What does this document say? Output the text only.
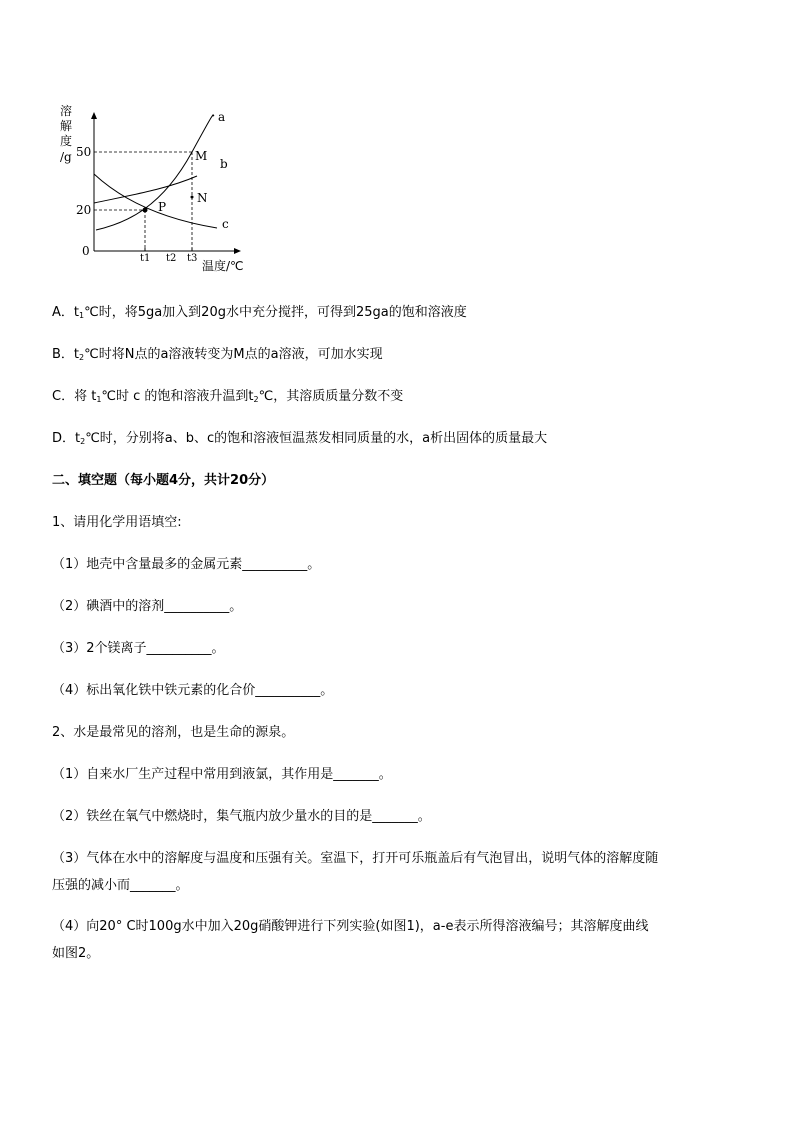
溶
解
度
/g 50
20
0
t1 t2 t3
温度/℃
a
b
c
M
N
P
A．$t_1℃$时，将5ga加入到20g水中充分搅拌，可得到25ga的饱和溶液度
B．$t_2℃$时将N点的a溶液转变为M点的a溶液，可加水实现
C．将 $t_1℃$时 c 的饱和溶液升温到$t_2℃$，其溶质质量分数不变
D．$t_2℃$时，分别将a、b、c的饱和溶液恒温蒸发相同质量的水，a析出固体的质量最大
二、填空题（每小题4分，共计20分）
1、请用化学用语填空:
（1）地壳中含量最多的金属元素__________。
（2）碘酒中的溶剂__________。
（3）2个镁离子__________。
（4）标出氧化铁中铁元素的化合价__________。
2、水是最常见的溶剂，也是生命的源泉。
（1）自来水厂生产过程中常用到液氯，其作用是_______。
（2）铁丝在氧气中燃烧时，集气瓶内放少量水的目的是_______。
（3）气体在水中的溶解度与温度和压强有关。室温下，打开可乐瓶盖后有气泡冒出，说明气体的溶解度随
压强的减小而_______。
（4）向20° C时100g水中加入20g硝酸钾进行下列实验(如图1)，a-e表示所得溶液编号；其溶解度曲线
如图2。
